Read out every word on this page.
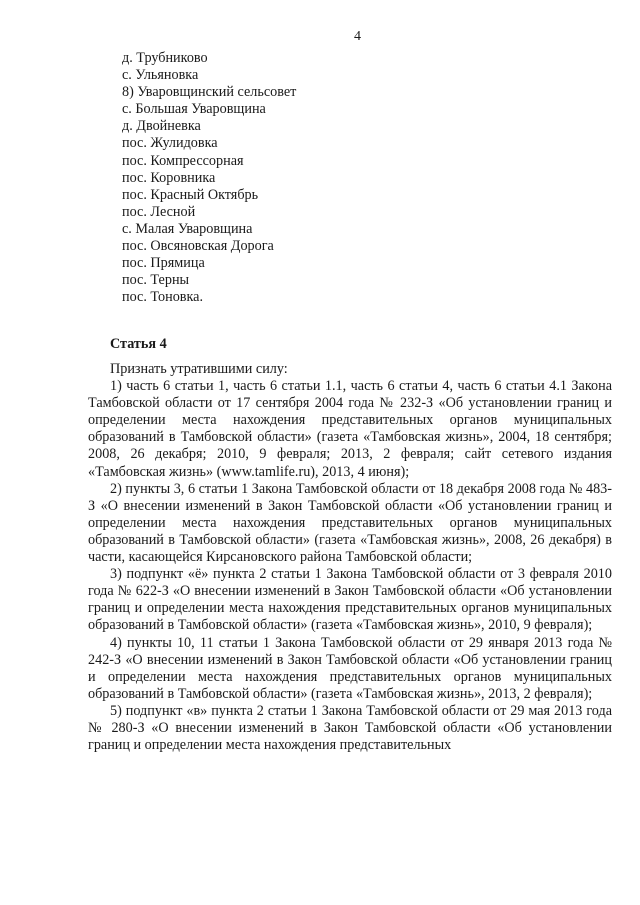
4
д. Трубниково
с. Ульяновка
8) Уваровщинский сельсовет
с. Большая Уваровщина
д. Двойневка
пос. Жулидовка
пос. Компрессорная
пос. Коровника
пос. Красный Октябрь
пос. Лесной
с. Малая Уваровщина
пос. Овсяновская Дорога
пос. Прямица
пос. Терны
пос. Тоновка.
Статья 4

Признать утратившими силу:

1) часть 6 статьи 1, часть 6 статьи 1.1, часть 6 статьи 4, часть 6 статьи 4.1 Закона Тамбовской области от 17 сентября 2004 года № 232-З «Об установлении границ и определении места нахождения представительных органов муниципальных образований в Тамбовской области» (газета «Тамбовская жизнь», 2004, 18 сентября; 2008, 26 декабря; 2010, 9 февраля; 2013, 2 февраля; сайт сетевого издания «Тамбовская жизнь» (www.tamlife.ru), 2013, 4 июня);

2) пункты 3, 6 статьи 1 Закона Тамбовской области от 18 декабря 2008 года № 483-З «О внесении изменений в Закон Тамбовской области «Об установлении границ и определении места нахождения представительных органов муниципальных образований в Тамбовской области» (газета «Тамбовская жизнь», 2008, 26 декабря) в части, касающейся Кирсановского района Тамбовской области;

3) подпункт «ё» пункта 2 статьи 1 Закона Тамбовской области от 3 февраля 2010 года № 622-З «О внесении изменений в Закон Тамбовской области «Об установлении границ и определении места нахождения представительных органов муниципальных образований в Тамбовской области» (газета «Тамбовская жизнь», 2010, 9 февраля);

4) пункты 10, 11 статьи 1 Закона Тамбовской области от 29 января 2013 года № 242-З «О внесении изменений в Закон Тамбовской области «Об установлении границ и определении места нахождения представительных органов муниципальных образований в Тамбовской области» (газета «Тамбовская жизнь», 2013, 2 февраля);

5) подпункт «в» пункта 2 статьи 1 Закона Тамбовской области от 29 мая 2013 года № 280-З «О внесении изменений в Закон Тамбовской области «Об установлении границ и определении места нахождения представительных
